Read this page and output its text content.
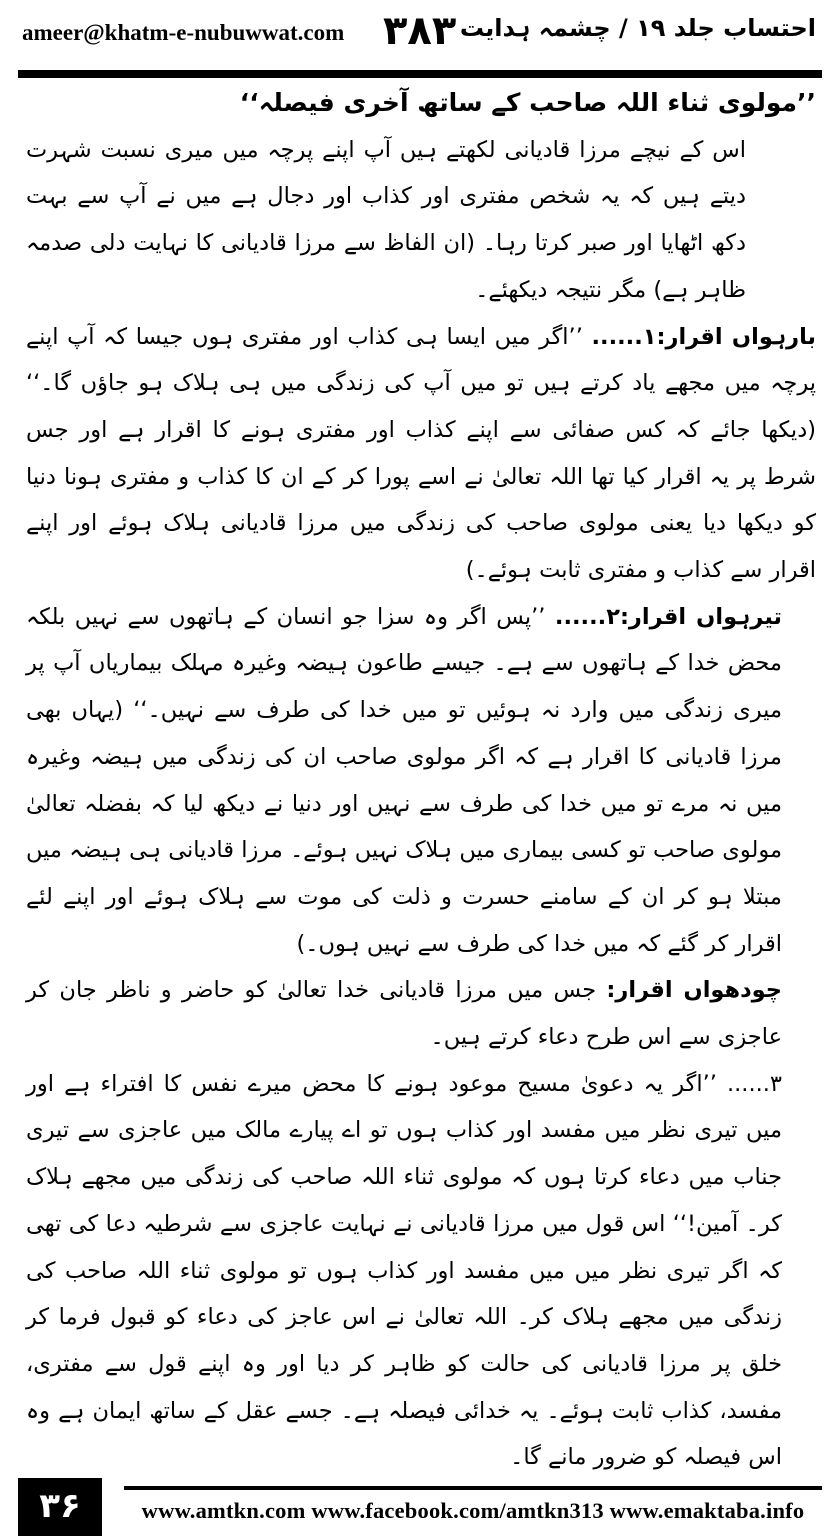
ameer@khatm-e-nubuwwat.com ۳۸۳ احتساب جلد ۱۹ / چشمہ ہدایت

’’مولوی ثناء اللہ صاحب کے ساتھ آخری فیصلہ‘‘

اس کے نیچے مرزا قادیانی لکھتے ہیں آپ اپنے پرچہ میں میری نسبت شہرت دیتے ہیں کہ یہ شخص مفتری اور کذاب اور دجال ہے میں نے آپ سے بہت دکھ اٹھایا اور صبر کرتا رہا۔ (ان الفاظ سے مرزا قادیانی کا نہایت دلی صدمہ ظاہر ہے) مگر نتیجہ دیکھئے۔

بارہواں اقرار:۱...... ’’اگر میں ایسا ہی کذاب اور مفتری ہوں جیسا کہ آپ اپنے پرچہ میں مجھے یاد کرتے ہیں تو میں آپ کی زندگی میں ہی ہلاک ہو جاؤں گا۔‘‘ (دیکھا جائے کہ کس صفائی سے اپنے کذاب اور مفتری ہونے کا اقرار ہے اور جس شرط پر یہ اقرار کیا تھا اللہ تعالیٰ نے اسے پورا کر کے ان کا کذاب و مفتری ہونا دنیا کو دیکھا دیا یعنی مولوی صاحب کی زندگی میں مرزا قادیانی ہلاک ہوئے اور اپنے اقرار سے کذاب و مفتری ثابت ہوئے۔)

تیرہواں اقرار:۲...... ’’پس اگر وہ سزا جو انسان کے ہاتھوں سے نہیں بلکہ محض خدا کے ہاتھوں سے ہے۔ جیسے طاعون ہیضہ وغیرہ مہلک بیماریاں آپ پر میری زندگی میں وارد نہ ہوئیں تو میں خدا کی طرف سے نہیں۔‘‘ (یہاں بھی مرزا قادیانی کا اقرار ہے کہ اگر مولوی صاحب ان کی زندگی میں ہیضہ وغیرہ میں نہ مرے تو میں خدا کی طرف سے نہیں اور دنیا نے دیکھ لیا کہ بفضلہ تعالیٰ مولوی صاحب تو کسی بیماری میں ہلاک نہیں ہوئے۔ مرزا قادیانی ہی ہیضہ میں مبتلا ہو کر ان کے سامنے حسرت و ذلت کی موت سے ہلاک ہوئے اور اپنے لئے اقرار کر گئے کہ میں خدا کی طرف سے نہیں ہوں۔)

چودھواں اقرار: جس میں مرزا قادیانی خدا تعالیٰ کو حاضر و ناظر جان کر عاجزی سے اس طرح دعاء کرتے ہیں۔

۳...... ’’اگر یہ دعویٰ مسیح موعود ہونے کا محض میرے نفس کا افتراء ہے اور میں تیری نظر میں مفسد اور کذاب ہوں تو اے پیارے مالک میں عاجزی سے تیری جناب میں دعاء کرتا ہوں کہ مولوی ثناء اللہ صاحب کی زندگی میں مجھے ہلاک کر۔ آمین!‘‘ اس قول میں مرزا قادیانی نے نہایت عاجزی سے شرطیہ دعا کی تھی کہ اگر تیری نظر میں میں مفسد اور کذاب ہوں تو مولوی ثناء اللہ صاحب کی زندگی میں مجھے ہلاک کر۔ اللہ تعالیٰ نے اس عاجز کی دعاء کو قبول فرما کر خلق پر مرزا قادیانی کی حالت کو ظاہر کر دیا اور وہ اپنے قول سے مفتری، مفسد، کذاب ثابت ہوئے۔ یہ خدائی فیصلہ ہے۔ جسے عقل کے ساتھ ایمان ہے وہ اس فیصلہ کو ضرور مانے گا۔

۳۶	www.amtkn.com www.facebook.com/amtkn313 www.emaktaba.info
